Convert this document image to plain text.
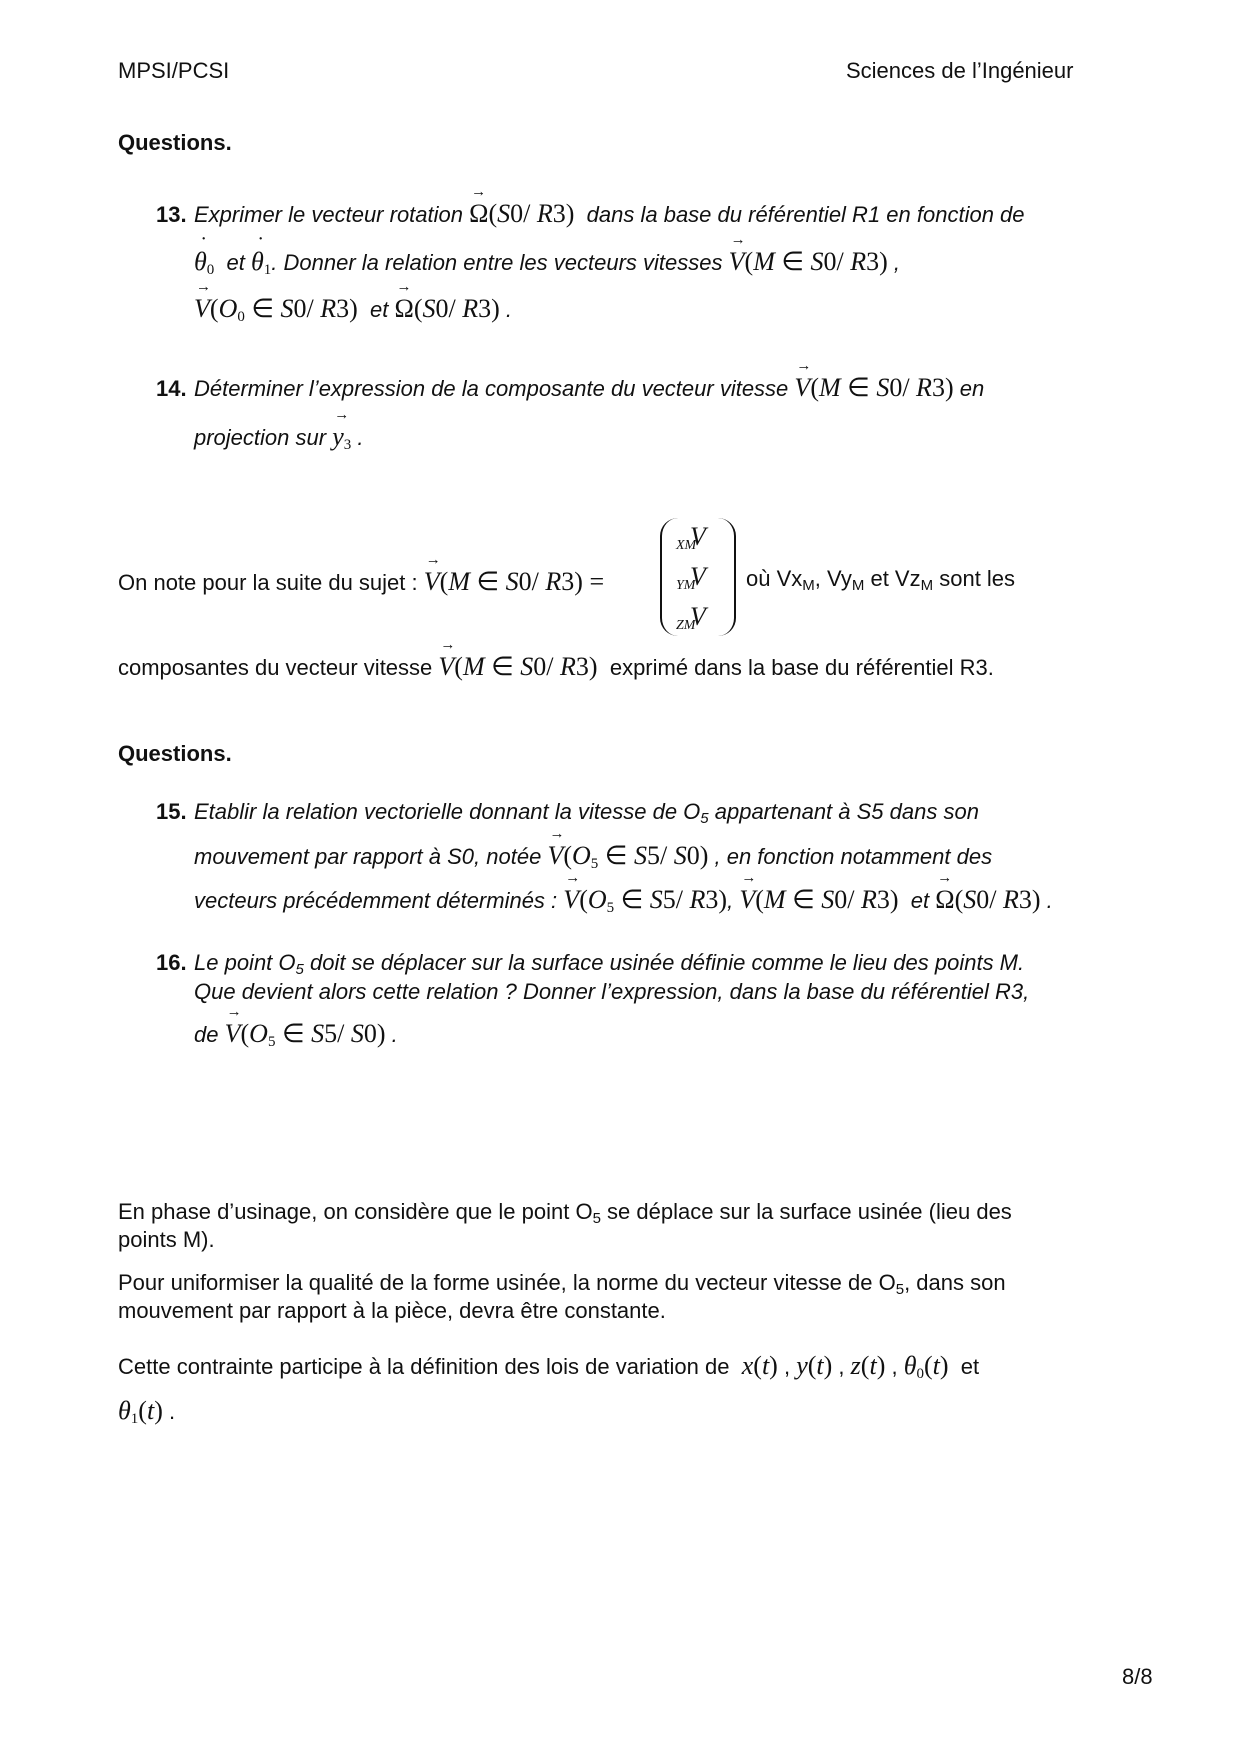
MPSI/PCSI	Sciences de l’Ingénieur
Questions.
13. Exprimer le vecteur rotation → Ω(S0/ R3) dans la base du référentiel R1 en fonction de
˙ $\theta_0$ et ˙ $\theta_1$. Donner la relation entre les vecteurs vitesses → V(M ∈ S0/ R3) ,
→ $V(O_0$ ∈ S0/ R3) et → Ω(S0/ R3) .
14. Déterminer l’expression de la composante du vecteur vitesse → V(M ∈ S0/ R3) en
projection sur → $y_3$ .
On note pour la suite du sujet : → V(M ∈ S0/ R3) =
V
$_{XM}$
V
$_{YM}$
V
$_{ZM}$
où $Vx_M$, $Vy_M$ et $Vz_M$ sont les
composantes du vecteur vitesse → V(M ∈ S0/ R3) exprimé dans la base du référentiel R3.
Questions.
15. Etablir la relation vectorielle donnant la vitesse de $O_5$ appartenant à S5 dans son
mouvement par rapport à S0, notée → $V(O_5$ ∈ S5/ S0) , en fonction notamment des
vecteurs précédemment déterminés : → $V(O_5$ ∈ S5/ R3), → V(M ∈ S0/ R3) et → Ω(S0/ R3) .
16. Le point $O_5$ doit se déplacer sur la surface usinée définie comme le lieu des points M.
Que devient alors cette relation ? Donner l’expression, dans la base du référentiel R3,
de → $V(O_5$ ∈ S5/ S0) .
En phase d’usinage, on considère que le point $O_5$ se déplace sur la surface usinée (lieu des
points M).
Pour uniformiser la qualité de la forme usinée, la norme du vecteur vitesse de $O_5$, dans son
mouvement par rapport à la pièce, devra être constante.
Cette contrainte participe à la définition des lois de variation de x(t) , y(t) , z(t) , $\theta_0(t)$ et
$\theta_1(t)$ .
8/8
